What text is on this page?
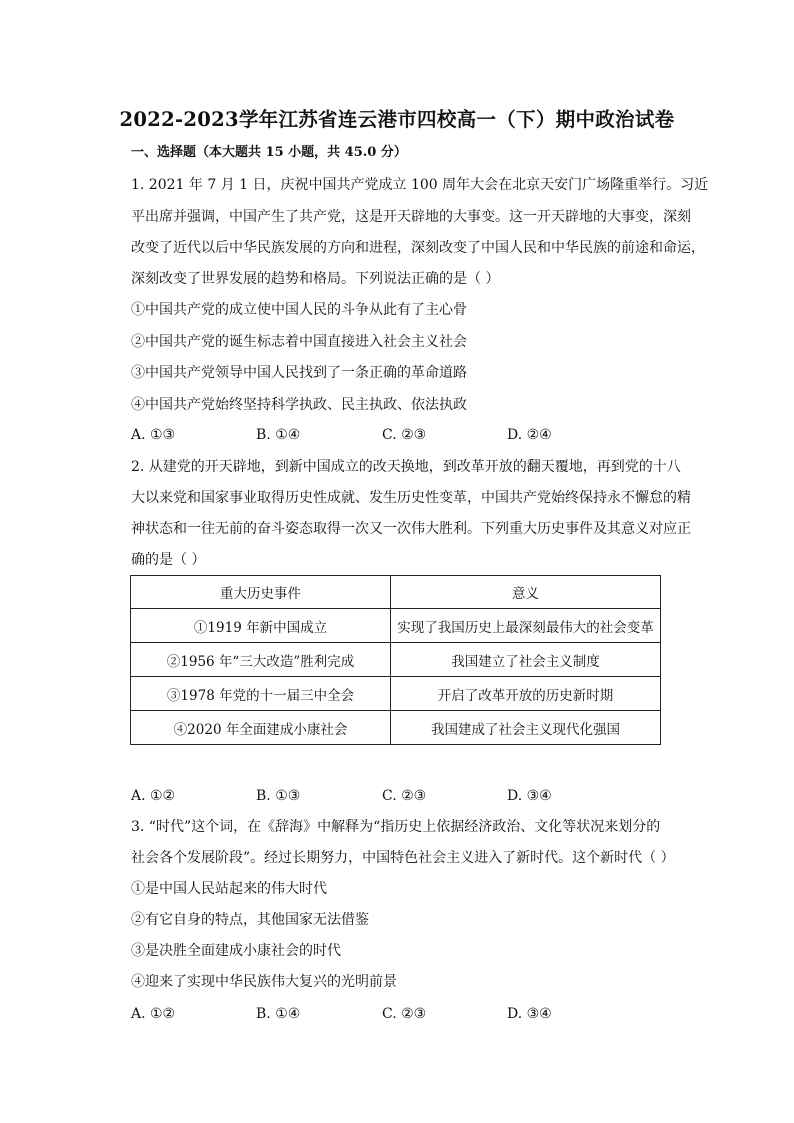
2022-2023学年江苏省连云港市四校高一（下）期中政治试卷
一、选择题（本大题共 15 小题，共 45.0 分）
1. 2021 年 7 月 1 日，庆祝中国共产党成立 100 周年大会在北京天安门广场隆重举行。习近
平出席并强调，中国产生了共产党，这是开天辟地的大事变。这一开天辟地的大事变，深刻
改变了近代以后中华民族发展的方向和进程，深刻改变了中国人民和中华民族的前途和命运，
深刻改变了世界发展的趋势和格局。下列说法正确的是（ ）
①中国共产党的成立使中国人民的斗争从此有了主心骨
②中国共产党的诞生标志着中国直接进入社会主义社会
③中国共产党领导中国人民找到了一条正确的革命道路
④中国共产党始终坚持科学执政、民主执政、依法执政
A. ①③	B. ①④	C. ②③	D. ②④
2. 从建党的开天辟地，到新中国成立的改天换地，到改革开放的翻天覆地，再到党的十八
大以来党和国家事业取得历史性成就、发生历史性变革，中国共产党始终保持永不懈怠的精
神状态和一往无前的奋斗姿态取得一次又一次伟大胜利。下列重大历史事件及其意义对应正
确的是（ ）
重大历史事件	意义
①1919 年新中国成立	实现了我国历史上最深刻最伟大的社会变革
②1956 年“三大改造”胜利完成	我国建立了社会主义制度
③1978 年党的十一届三中全会	开启了改革开放的历史新时期
④2020 年全面建成小康社会	我国建成了社会主义现代化强国
A. ①②	B. ①③	C. ②③	D. ③④
3. “时代”这个词，在《辞海》中解释为“指历史上依据经济政治、文化等状况来划分的
社会各个发展阶段”。经过长期努力，中国特色社会主义进入了新时代。这个新时代（ ）
①是中国人民站起来的伟大时代
②有它自身的特点，其他国家无法借鉴
③是决胜全面建成小康社会的时代
④迎来了实现中华民族伟大复兴的光明前景
A. ①②	B. ①④	C. ②③	D. ③④
